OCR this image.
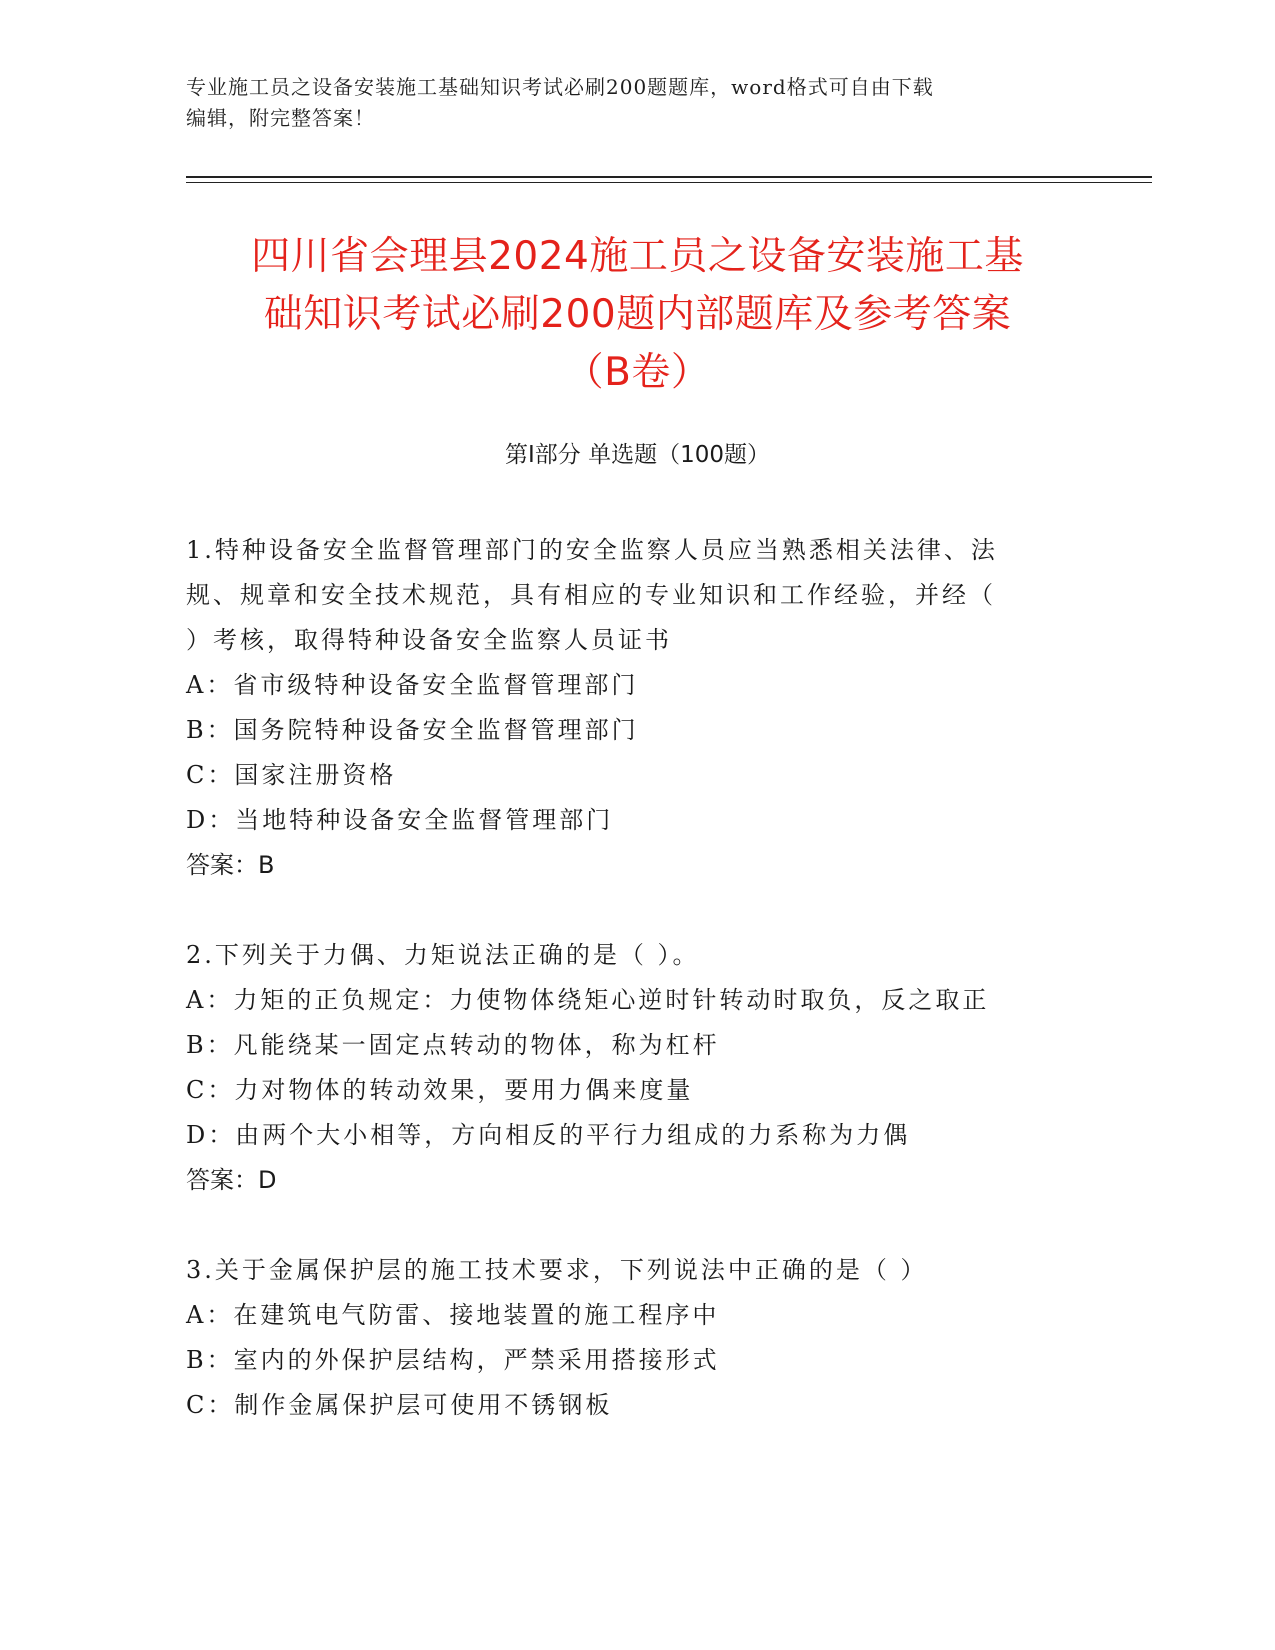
专业施工员之设备安装施工基础知识考试必刷200题题库，word格式可自由下载
编辑，附完整答案！
四川省会理县2024施工员之设备安装施工基
础知识考试必刷200题内部题库及参考答案
（B卷）
第Ⅰ部分 单选题（100题）
1.特种设备安全监督管理部门的安全监察人员应当熟悉相关法律、法
规、规章和安全技术规范，具有相应的专业知识和工作经验，并经（
）考核，取得特种设备安全监察人员证书

A：省市级特种设备安全监督管理部门

B：国务院特种设备安全监督管理部门

C：国家注册资格

D：当地特种设备安全监督管理部门

答案：B

2.下列关于力偶、力矩说法正确的是（ ）。

A：力矩的正负规定：力使物体绕矩心逆时针转动时取负，反之取正

B：凡能绕某一固定点转动的物体，称为杠杆

C：力对物体的转动效果，要用力偶来度量

D：由两个大小相等，方向相反的平行力组成的力系称为力偶

答案：D

3.关于金属保护层的施工技术要求，下列说法中正确的是（ ）

A：在建筑电气防雷、接地装置的施工程序中

B：室内的外保护层结构，严禁采用搭接形式

C：制作金属保护层可使用不锈钢板
